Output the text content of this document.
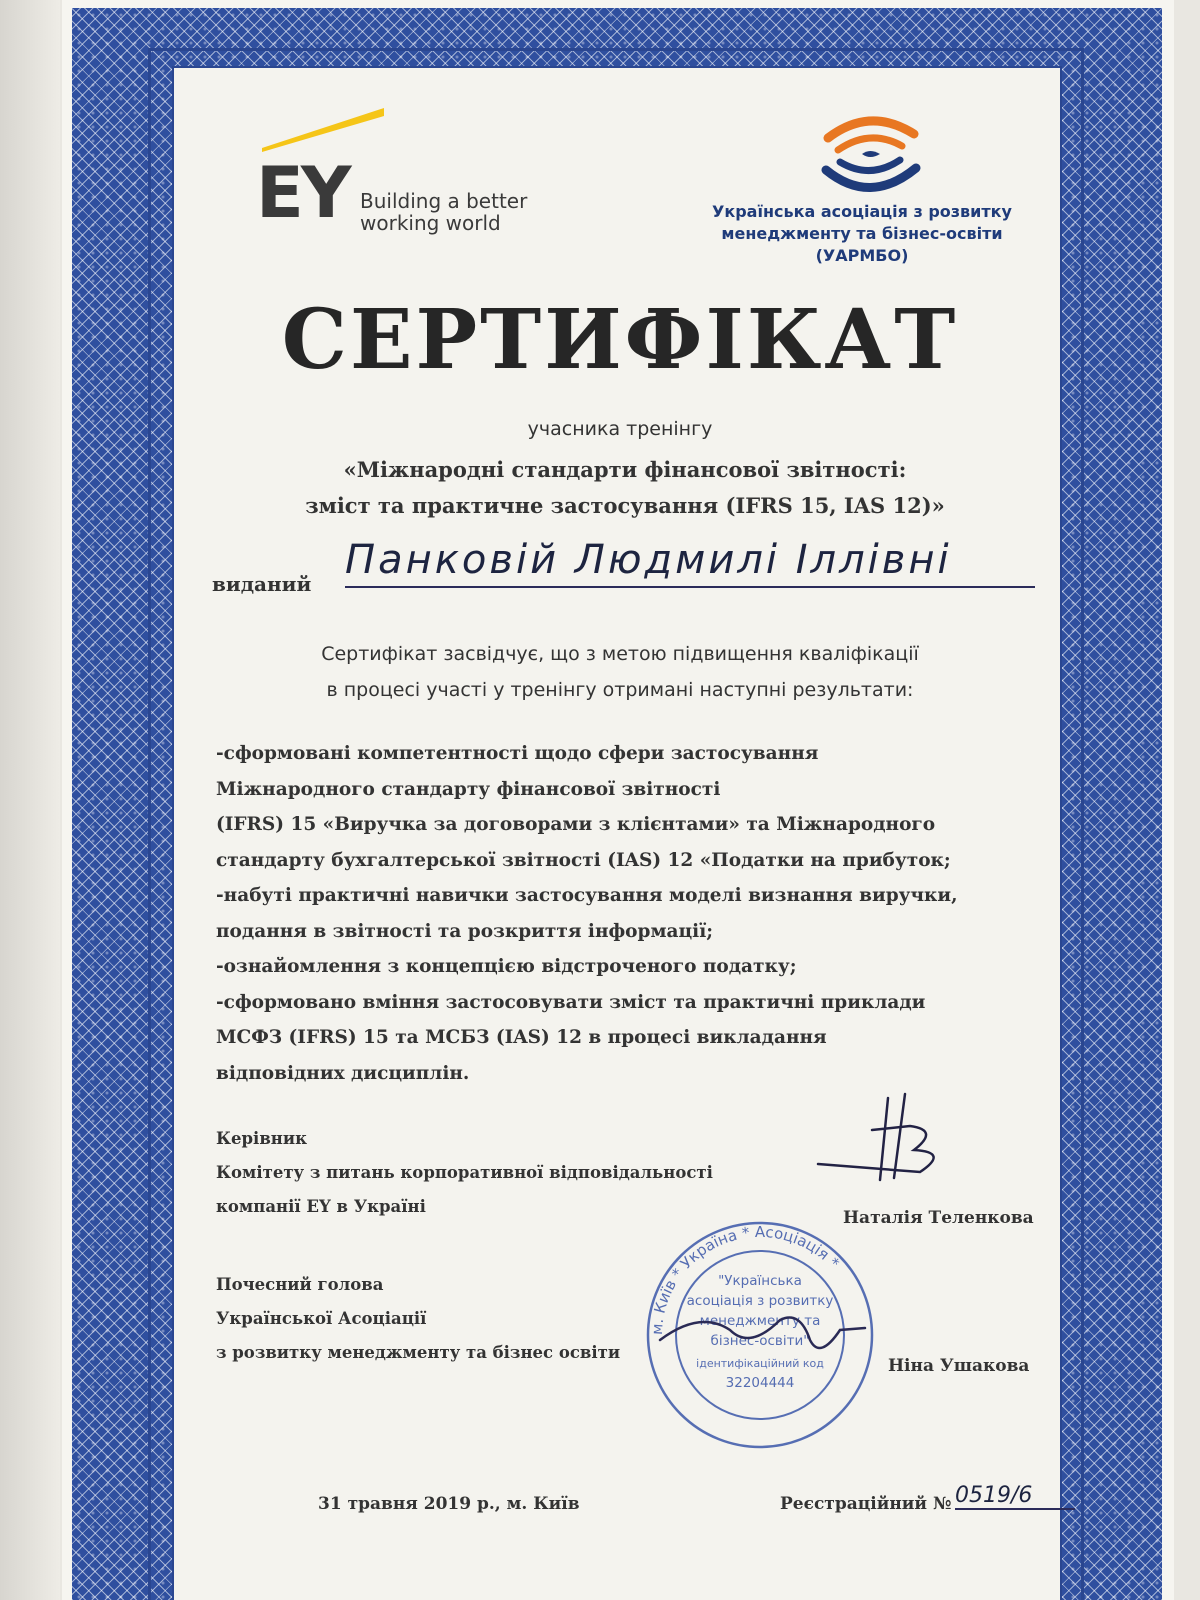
EY Building a better
working world	Українська асоціація з розвитку
менеджменту та бізнес-освіти
(УАРМБО)
СЕРТИФІКАТ
учасника тренінгу
«Міжнародні стандарти фінансової звітності:
зміст та практичне застосування (IFRS 15, IAS 12)»
виданий
Панковій Людмилі Іллівні
Сертифікат засвідчує, що з метою підвищення кваліфікації
в процесі участі у тренінгу отримані наступні результати:
-сформовані компетентності щодо сфери застосування
Міжнародного стандарту фінансової звітності
(IFRS) 15 «Виручка за договорами з клієнтами» та Міжнародного
стандарту бухгалтерської звітності (IAS) 12 «Податки на прибуток;
-набуті практичні навички застосування моделі визнання виручки,
подання в звітності та розкриття інформації;
-ознайомлення з концепцією відстроченого податку;
-сформовано вміння застосовувати зміст та практичні приклади
МСФЗ (IFRS) 15 та МСБЗ (IAS) 12 в процесі викладання
відповідних дисциплін.
Керівник
Комітету з питань корпоративної відповідальності
компанії EY в Україні
Наталія Теленкова
Почесний голова
Української Асоціації
з розвитку менеджменту та бізнес освіти
м. Київ * Україна * Асоціація *
"Українська
асоціація з розвитку
менеджменту та
бізнес-освіти"
ідентифікаційний код
32204444
Ніна Ушакова
31 травня 2019 р., м. Київ	Реєстраційний № 0519/6
